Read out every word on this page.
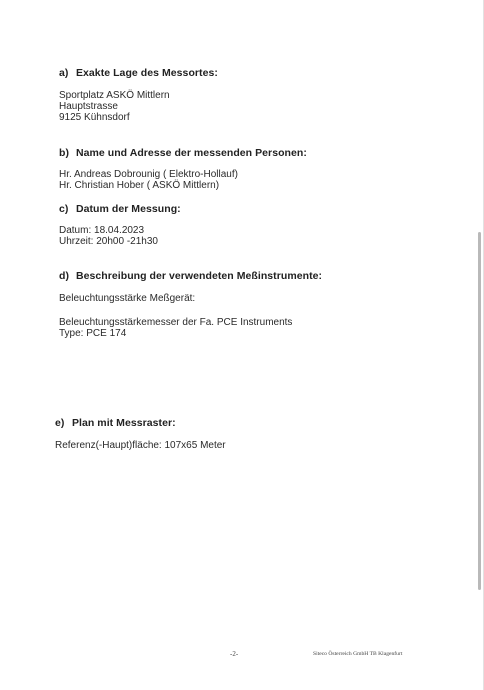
a) Exakte Lage des Messortes:
Sportplatz ASKÖ Mittlern
Hauptstrasse
9125 Kühnsdorf
b) Name und Adresse der messenden Personen:
Hr. Andreas Dobrounig ( Elektro-Hollauf)
Hr. Christian Hober ( ASKÖ Mittlern)
c) Datum der Messung:
Datum: 18.04.2023
Uhrzeit: 20h00 -21h30
d) Beschreibung der verwendeten Meßinstrumente:
Beleuchtungsstärke Meßgerät:
Beleuchtungsstärkemesser der Fa. PCE Instruments
Type: PCE 174
e) Plan mit Messraster:
Referenz(-Haupt)fläche: 107x65 Meter
-2-	Siteco Österreich GmbH TB Klagenfurt
